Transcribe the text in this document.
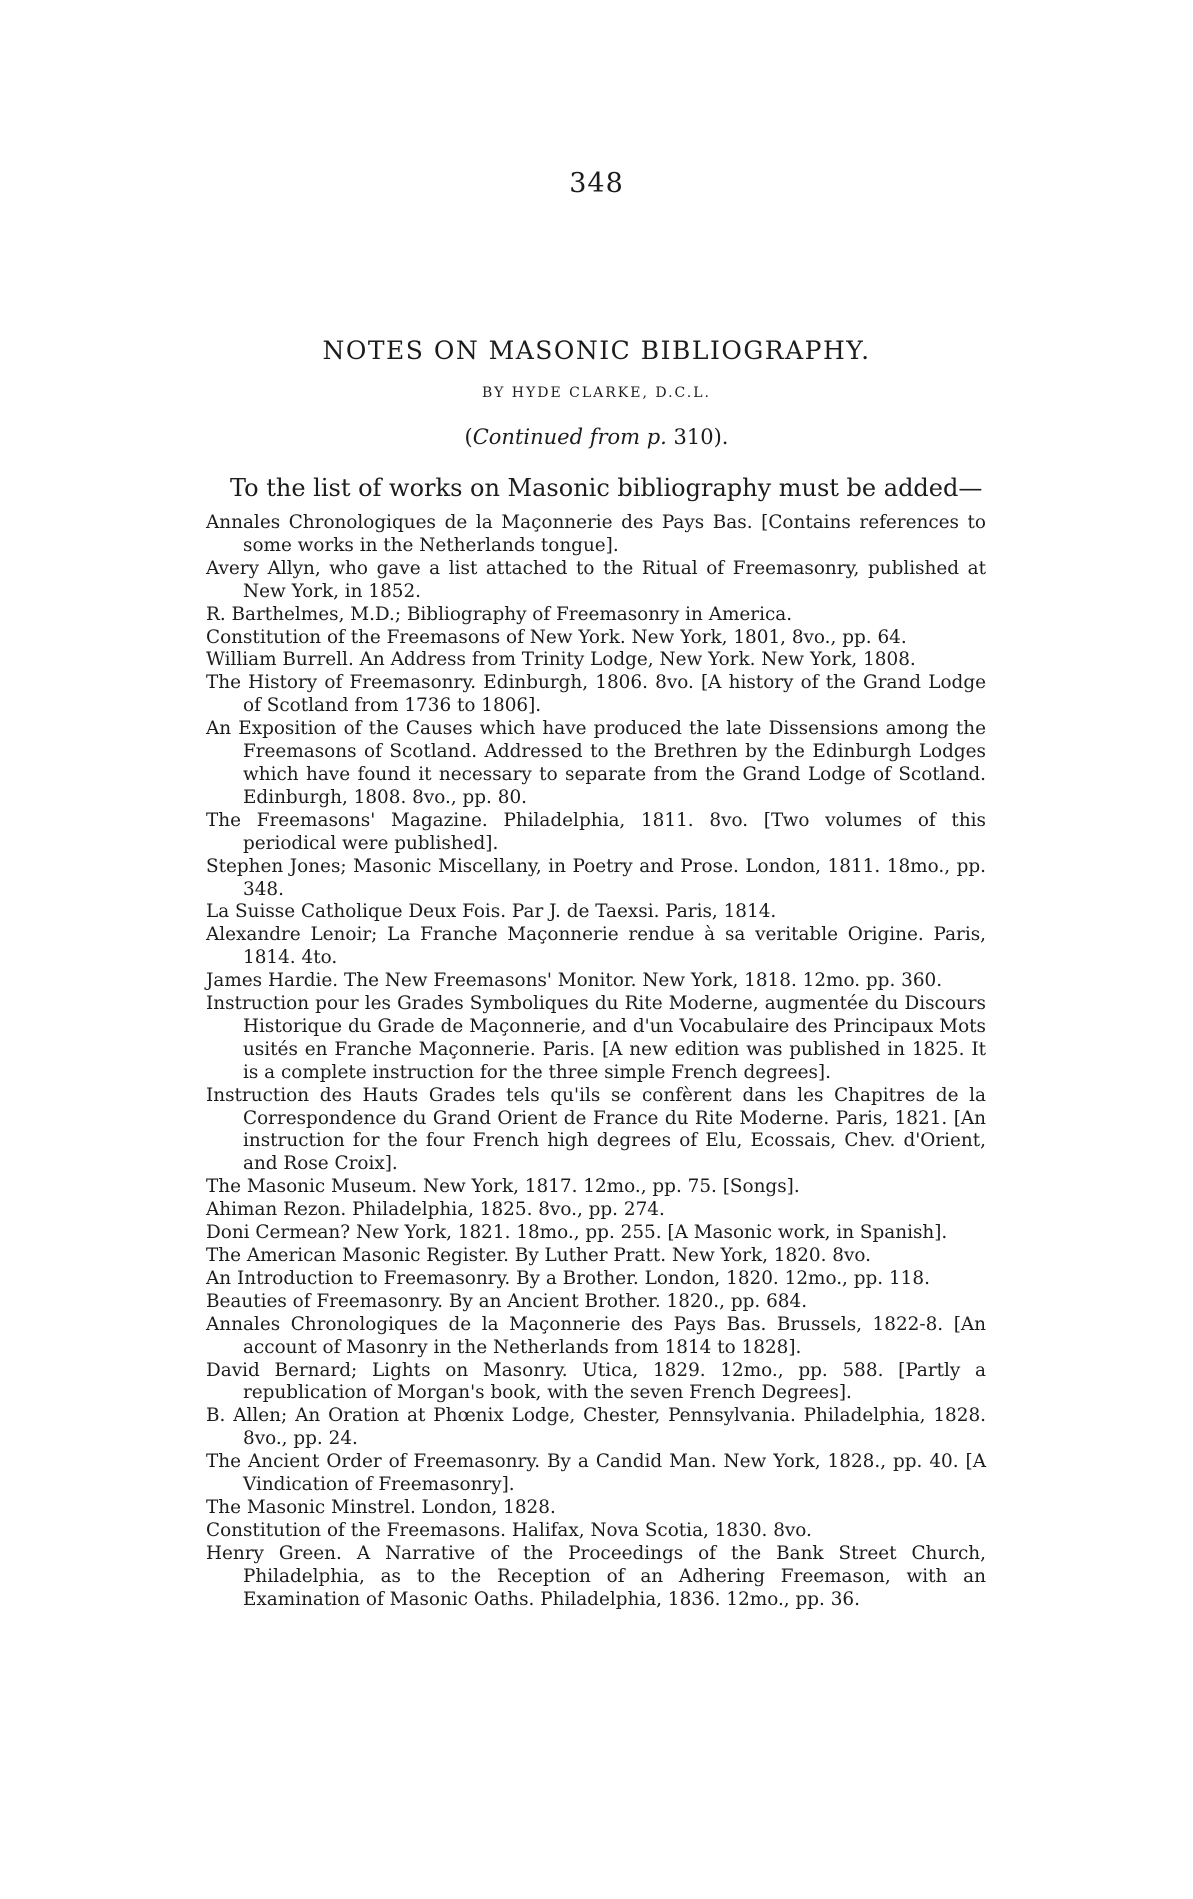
348
NOTES ON MASONIC BIBLIOGRAPHY.
BY HYDE CLARKE, D.C.L.
(Continued from p. 310).
To the list of works on Masonic bibliography must be added—
Annales Chronologiques de la Maçonnerie des Pays Bas. [Contains references to some works in the Netherlands tongue].
Avery Allyn, who gave a list attached to the Ritual of Freemasonry, published at New York, in 1852.
R. Barthelmes, M.D.; Bibliography of Freemasonry in America.
Constitution of the Freemasons of New York. New York, 1801, 8vo., pp. 64.
William Burrell. An Address from Trinity Lodge, New York. New York, 1808.
The History of Freemasonry. Edinburgh, 1806. 8vo. [A history of the Grand Lodge of Scotland from 1736 to 1806].
An Exposition of the Causes which have produced the late Dissensions among the Freemasons of Scotland. Addressed to the Brethren by the Edinburgh Lodges which have found it necessary to separate from the Grand Lodge of Scotland. Edinburgh, 1808. 8vo., pp. 80.
The Freemasons' Magazine. Philadelphia, 1811. 8vo. [Two volumes of this periodical were published].
Stephen Jones; Masonic Miscellany, in Poetry and Prose. London, 1811. 18mo., pp. 348.
La Suisse Catholique Deux Fois. Par J. de Taexsi. Paris, 1814.
Alexandre Lenoir; La Franche Maçonnerie rendue à sa veritable Origine. Paris, 1814. 4to.
James Hardie. The New Freemasons' Monitor. New York, 1818. 12mo. pp. 360.
Instruction pour les Grades Symboliques du Rite Moderne, augmentée du Discours Historique du Grade de Maçonnerie, and d'un Vocabulaire des Principaux Mots usités en Franche Maçonnerie. Paris. [A new edition was published in 1825. It is a complete instruction for the three simple French degrees].
Instruction des Hauts Grades tels qu'ils se confèrent dans les Chapitres de la Correspondence du Grand Orient de France du Rite Moderne. Paris, 1821. [An instruction for the four French high degrees of Elu, Ecossais, Chev. d'Orient, and Rose Croix].
The Masonic Museum. New York, 1817. 12mo., pp. 75. [Songs].
Ahiman Rezon. Philadelphia, 1825. 8vo., pp. 274.
Doni Cermean? New York, 1821. 18mo., pp. 255. [A Masonic work, in Spanish].
The American Masonic Register. By Luther Pratt. New York, 1820. 8vo.
An Introduction to Freemasonry. By a Brother. London, 1820. 12mo., pp. 118.
Beauties of Freemasonry. By an Ancient Brother. 1820., pp. 684.
Annales Chronologiques de la Maçonnerie des Pays Bas. Brussels, 1822-8. [An account of Masonry in the Netherlands from 1814 to 1828].
David Bernard; Lights on Masonry. Utica, 1829. 12mo., pp. 588. [Partly a republication of Morgan's book, with the seven French Degrees].
B. Allen; An Oration at Phœnix Lodge, Chester, Pennsylvania. Philadelphia, 1828. 8vo., pp. 24.
The Ancient Order of Freemasonry. By a Candid Man. New York, 1828., pp. 40. [A Vindication of Freemasonry].
The Masonic Minstrel. London, 1828.
Constitution of the Freemasons. Halifax, Nova Scotia, 1830. 8vo.
Henry Green. A Narrative of the Proceedings of the Bank Street Church, Philadelphia, as to the Reception of an Adhering Freemason, with an Examination of Masonic Oaths. Philadelphia, 1836. 12mo., pp. 36.
